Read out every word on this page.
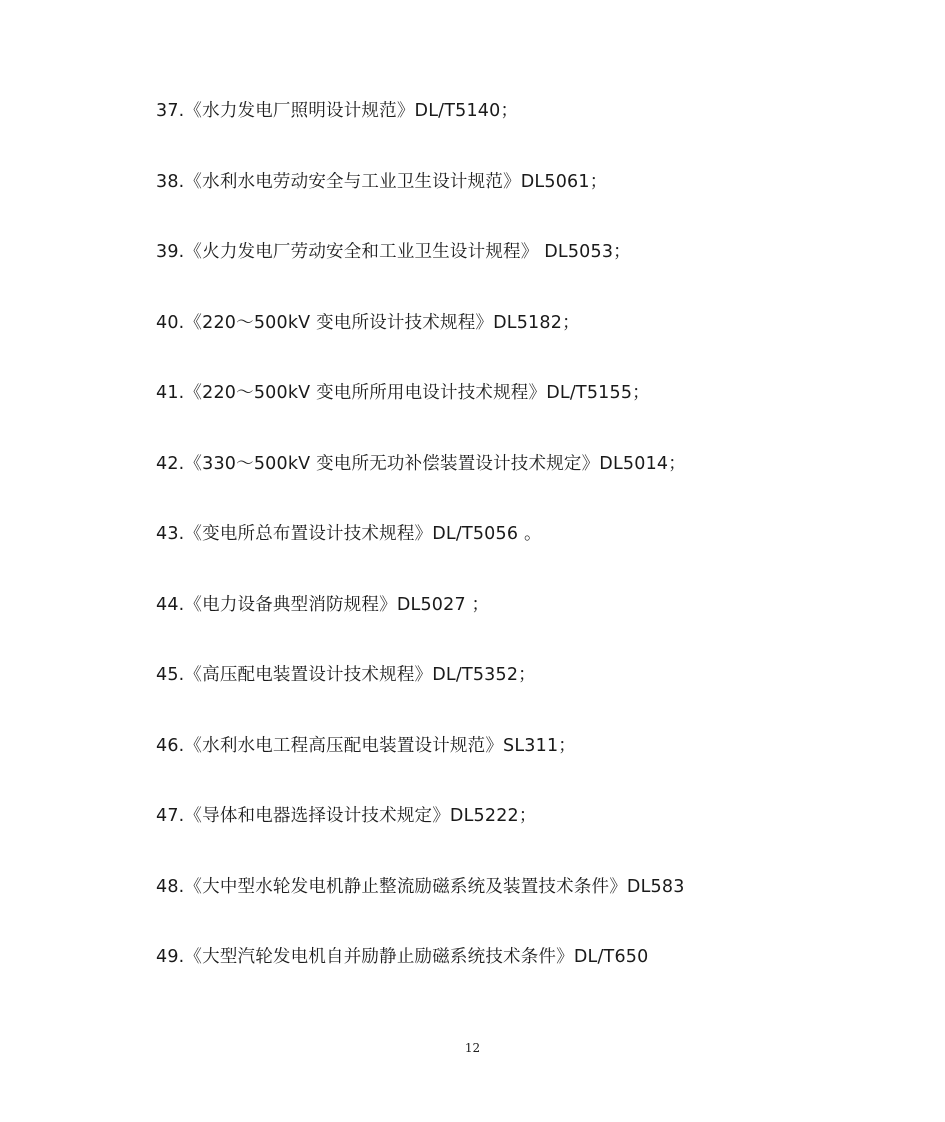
37.《水力发电厂照明设计规范》DL/T5140；
38.《水利水电劳动安全与工业卫生设计规范》DL5061；
39.《火力发电厂劳动安全和工业卫生设计规程》 DL5053；
40.《220～500kV 变电所设计技术规程》DL5182；
41.《220～500kV 变电所所用电设计技术规程》DL/T5155；
42.《330～500kV 变电所无功补偿装置设计技术规定》DL5014；
43.《变电所总布置设计技术规程》DL/T5056 。
44.《电力设备典型消防规程》DL5027 ；
45.《高压配电装置设计技术规程》DL/T5352；
46.《水利水电工程高压配电装置设计规范》SL311；
47.《导体和电器选择设计技术规定》DL5222；
48.《大中型水轮发电机静止整流励磁系统及装置技术条件》DL583
49.《大型汽轮发电机自并励静止励磁系统技术条件》DL/T650
12
